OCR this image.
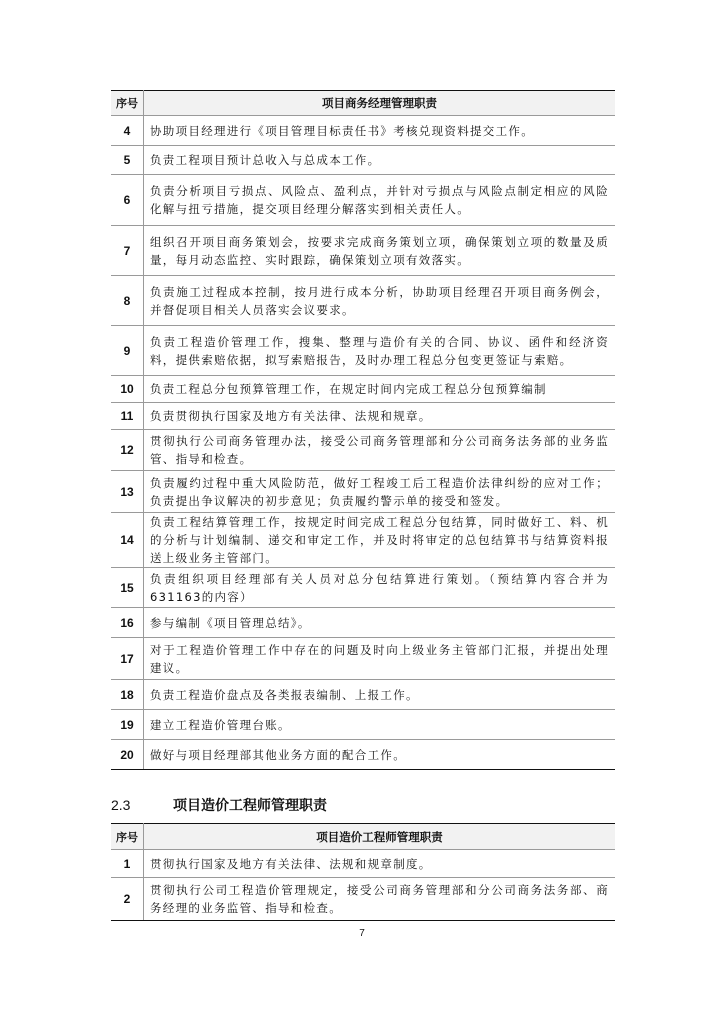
序号	项目商务经理管理职责
4	协助项目经理进行《项目管理目标责任书》考核兑现资料提交工作。
5	负责工程项目预计总收入与总成本工作。
6	负责分析项目亏损点、风险点、盈利点，并针对亏损点与风险点制定相应的风险化解与扭亏措施，提交项目经理分解落实到相关责任人。
7	组织召开项目商务策划会，按要求完成商务策划立项，确保策划立项的数量及质量，每月动态监控、实时跟踪，确保策划立项有效落实。
8	负责施工过程成本控制，按月进行成本分析，协助项目经理召开项目商务例会，并督促项目相关人员落实会议要求。
9	负责工程造价管理工作，搜集、整理与造价有关的合同、协议、函件和经济资料，提供索赔依据，拟写索赔报告，及时办理工程总分包变更签证与索赔。
10	负责工程总分包预算管理工作，在规定时间内完成工程总分包预算编制
11	负责贯彻执行国家及地方有关法律、法规和规章。
12	贯彻执行公司商务管理办法，接受公司商务管理部和分公司商务法务部的业务监管、指导和检查。
13	负责履约过程中重大风险防范，做好工程竣工后工程造价法律纠纷的应对工作；负责提出争议解决的初步意见；负责履约警示单的接受和签发。
14	负责工程结算管理工作，按规定时间完成工程总分包结算，同时做好工、料、机的分析与计划编制、递交和审定工作，并及时将审定的总包结算书与结算资料报送上级业务主管部门。
15	负责组织项目经理部有关人员对总分包结算进行策划。（预结算内容合并为631163的内容）
16	参与编制《项目管理总结》。
17	对于工程造价管理工作中存在的问题及时向上级业务主管部门汇报，并提出处理建议。
18	负责工程造价盘点及各类报表编制、上报工作。
19	建立工程造价管理台账。
20	做好与项目经理部其他业务方面的配合工作。
2.3	项目造价工程师管理职责
序号	项目造价工程师管理职责
1	贯彻执行国家及地方有关法律、法规和规章制度。
2	贯彻执行公司工程造价管理规定，接受公司商务管理部和分公司商务法务部、商务经理的业务监管、指导和检查。
7
